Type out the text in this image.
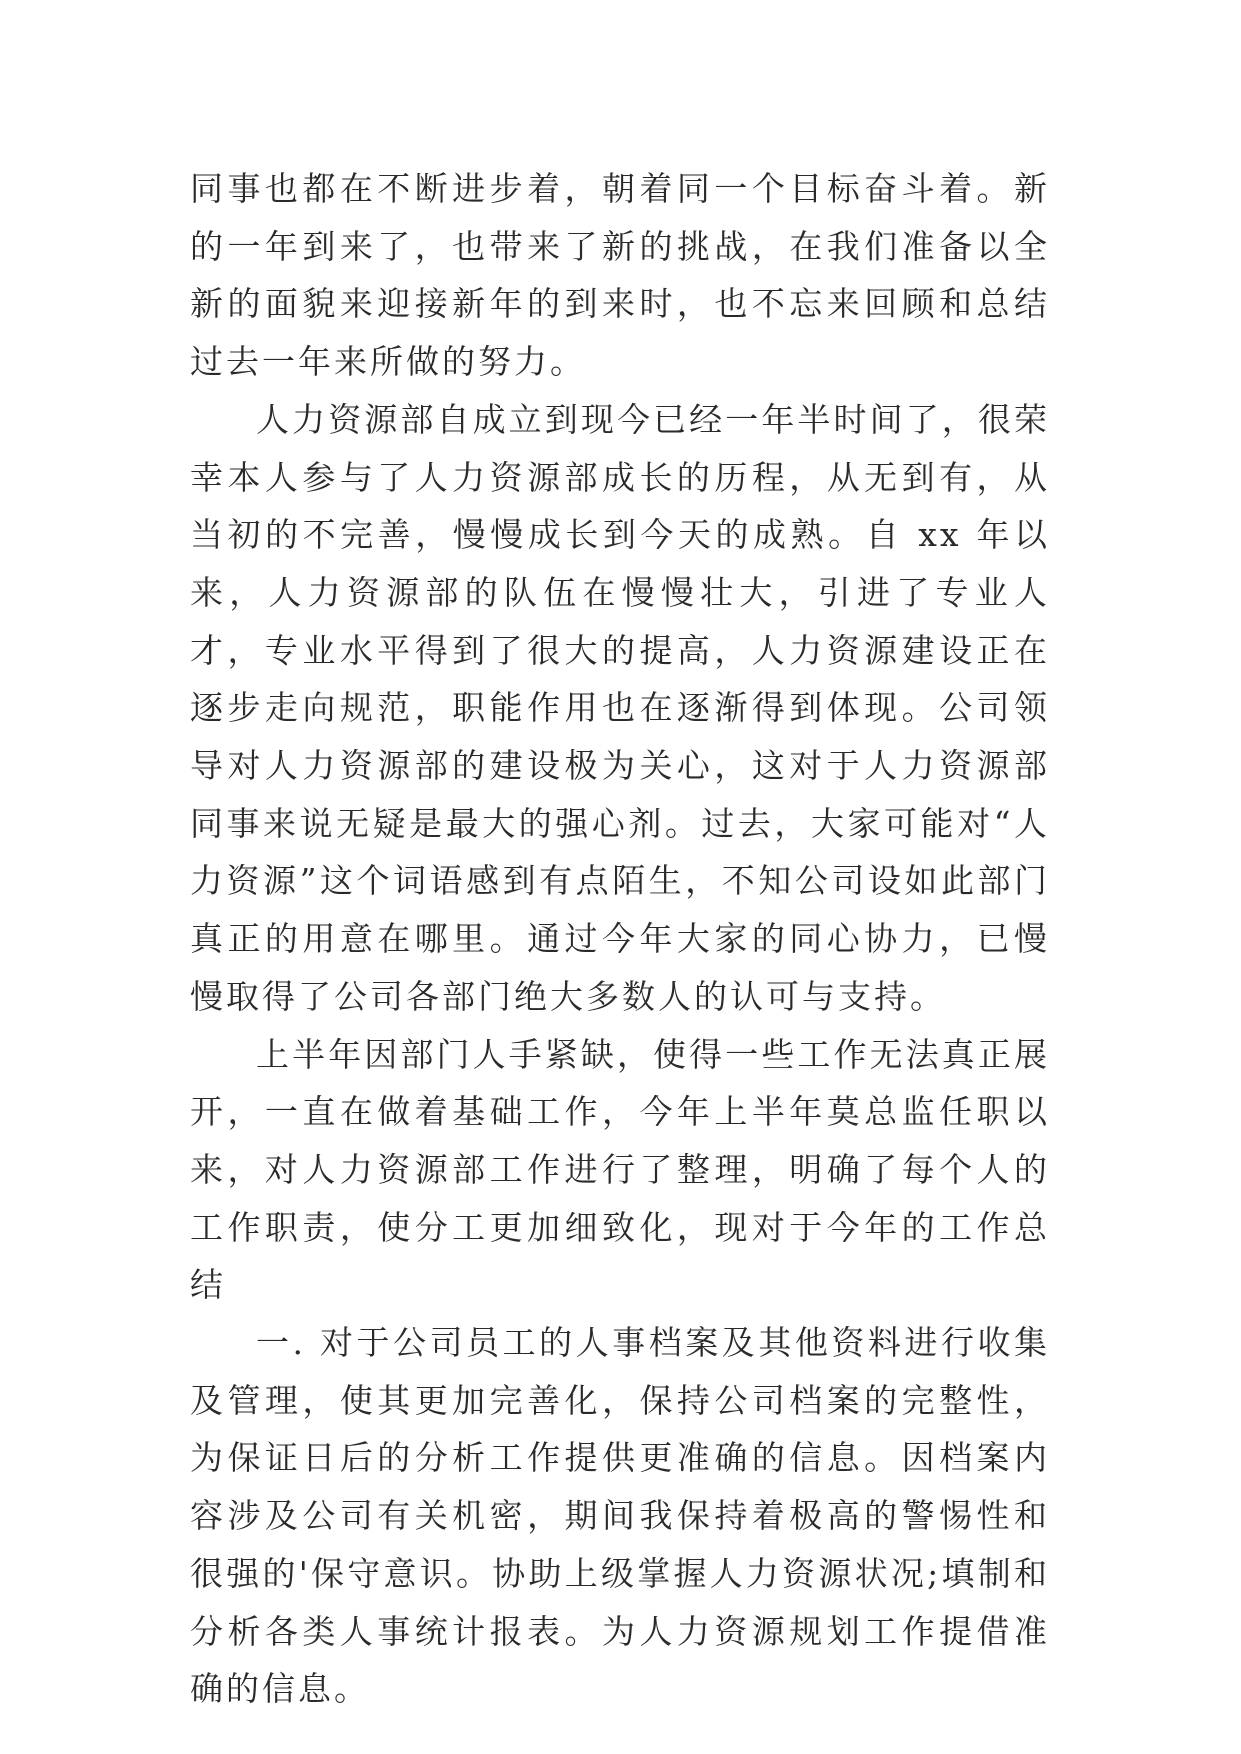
同事也都在不断进步着，朝着同一个目标奋斗着。新的一年到来了，也带来了新的挑战，在我们准备以全新的面貌来迎接新年的到来时，也不忘来回顾和总结过去一年来所做的努力。

人力资源部自成立到现今已经一年半时间了，很荣幸本人参与了人力资源部成长的历程，从无到有，从当初的不完善，慢慢成长到今天的成熟。自 xx 年以来，人力资源部的队伍在慢慢壮大，引进了专业人才，专业水平得到了很大的提高，人力资源建设正在逐步走向规范，职能作用也在逐渐得到体现。公司领导对人力资源部的建设极为关心，这对于人力资源部同事来说无疑是最大的强心剂。过去，大家可能对“人力资源”这个词语感到有点陌生，不知公司设如此部门真正的用意在哪里。通过今年大家的同心协力，已慢慢取得了公司各部门绝大多数人的认可与支持。

上半年因部门人手紧缺，使得一些工作无法真正展开，一直在做着基础工作，今年上半年莫总监任职以来，对人力资源部工作进行了整理，明确了每个人的工作职责，使分工更加细致化，现对于今年的工作总结

一. 对于公司员工的人事档案及其他资料进行收集及管理，使其更加完善化，保持公司档案的完整性，为保证日后的分析工作提供更准确的信息。因档案内容涉及公司有关机密，期间我保持着极高的警惕性和很强的'保守意识。协助上级掌握人力资源状况;填制和分析各类人事统计报表。为人力资源规划工作提借准确的信息。
